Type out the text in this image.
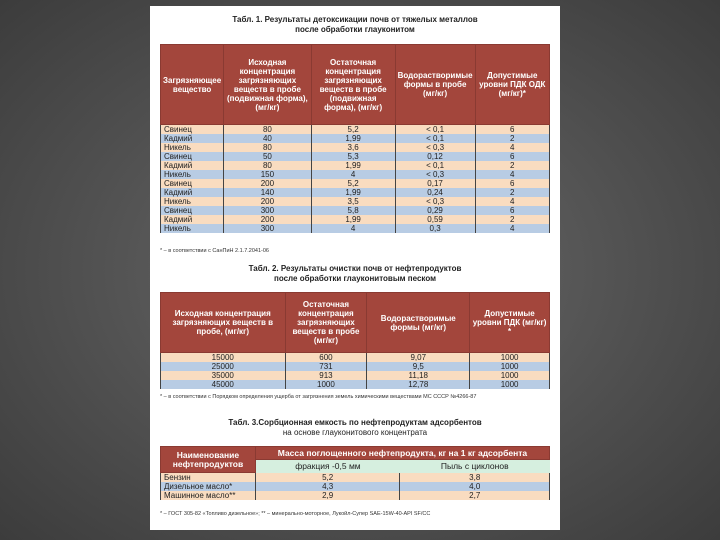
Табл. 1. Результаты детоксикации почв от тяжелых металлов
после обработки глауконитом
Загрязняющее вещество	Исходная концентрация загрязняющих веществ в пробе (подвижная форма), (мг/кг)	Остаточная концентрация загрязняющих веществ в пробе (подвижная форма), (мг/кг)	Водорастворимые формы в пробе (мг/кг)	Допустимые уровни ПДК ОДК (мг/кг)*
Свинец	80	5,2	< 0,1	6
Кадмий	40	1,99	< 0,1	2
Никель	80	3,6	< 0,3	4
Свинец	50	5,3	0,12	6
Кадмий	80	1,99	< 0,1	2
Никель	150	4	< 0,3	4
Свинец	200	5,2	0,17	6
Кадмий	140	1,99	0,24	2
Никель	200	3,5	< 0,3	4
Свинец	300	5,8	0,29	6
Кадмий	200	1,99	0,59	2
Никель	300	4	0,3	4
* – в соответствии с СанПиН 2.1.7.2041-06
Табл. 2. Результаты очистки почв от нефтепродуктов
после обработки глауконитовым песком
Исходная концентрация загрязняющих веществ в пробе, (мг/кг)	Остаточная концентрация загрязняющих веществ в пробе (мг/кг)	Водорастворимые формы (мг/кг)	Допустимые уровни ПДК (мг/кг) *
15000	600	9,07	1000
25000	731	9,5	1000
35000	913	11,18	1000
45000	1000	12,78	1000
* – в соответствии с Порядком определения ущерба от загрязнения земель химическими веществами МС СССР №4266-87
Табл. 3.Сорбционная емкость по нефтепродуктам адсорбентов
на основе глауконитового концентрата
Наименование нефтепродуктов	Масса поглощенного нефтепродукта, кг на 1 кг адсорбента	
	фракция -0,5 мм	Пыль с циклонов
Бензин	5,2	3,8
Дизельное масло*	4,3	4,0
Машинное масло**	2,9	2,7
* – ГОСТ 305-82 «Топливо дизельное»; ** – минерально-моторное, Лукойл-Супер SAE-15W-40-API SF/CC
